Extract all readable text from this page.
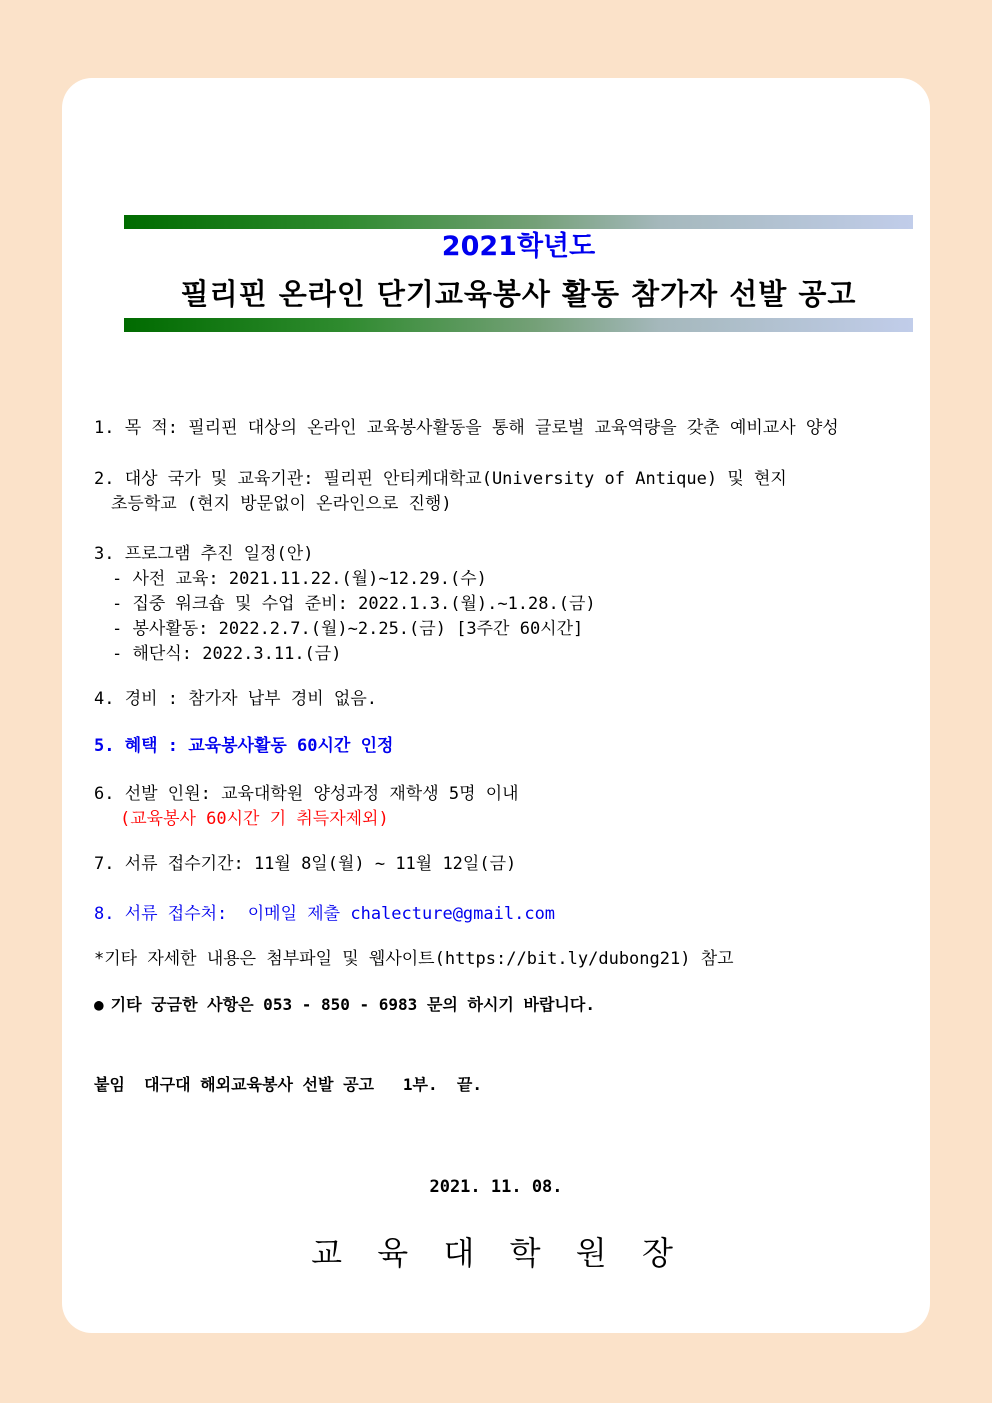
2021학년도
필리핀 온라인 단기교육봉사 활동 참가자 선발 공고

1. 목 적: 필리핀 대상의 온라인 교육봉사활동을 통해 글로벌 교육역량을 갖춘 예비교사 양성

2. 대상 국가 및 교육기관: 필리핀 안티케대학교(University of Antique) 및 현지

초등학교 (현지 방문없이 온라인으로 진행)

3. 프로그램 추진 일정(안)

- 사전 교육: 2021.11.22.(월)~12.29.(수)

- 집중 워크숍 및 수업 준비: 2022.1.3.(월).~1.28.(금)

- 봉사활동: 2022.2.7.(월)~2.25.(금) [3주간 60시간]

- 해단식: 2022.3.11.(금)

4. 경비 : 참가자 납부 경비 없음.

5. 혜택 : 교육봉사활동 60시간 인정

6. 선발 인원: 교육대학원 양성과정 재학생 5명 이내

(교육봉사 60시간 기 취득자제외)

7. 서류 접수기간: 11월 8일(월) ~ 11월 12일(금)

8. 서류 접수처:  이메일 제출 chalecture@gmail.com

*기타 자세한 내용은 첨부파일 및 웹사이트(https://bit.ly/dubong21) 참고

● 기타 궁금한 사항은 053 - 850 - 6983 문의 하시기 바랍니다.

붙임  대구대 해외교육봉사 선발 공고   1부.  끝.

2021. 11. 08.
교 육 대 학 원 장
